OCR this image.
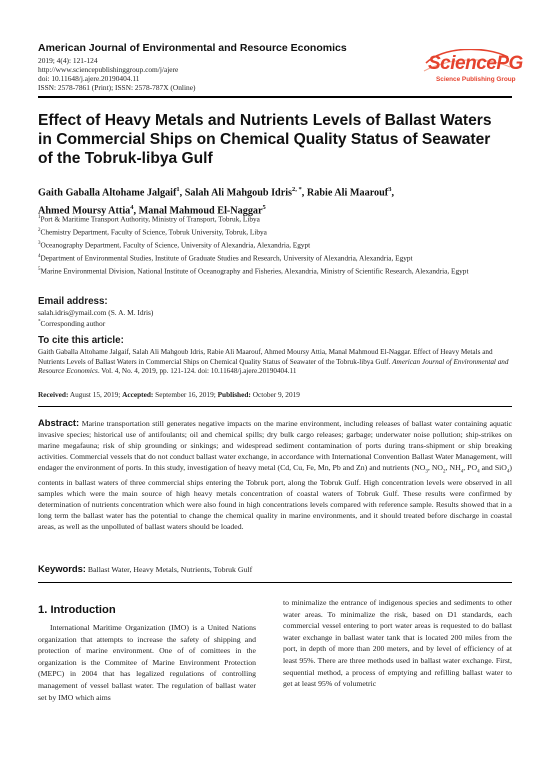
American Journal of Environmental and Resource Economics
2019; 4(4): 121-124
http://www.sciencepublishinggroup.com/j/ajere
doi: 10.11648/j.ajere.20190404.11
ISSN: 2578-7861 (Print); ISSN: 2578-787X (Online)
SciencePG
Science Publishing Group
Effect of Heavy Metals and Nutrients Levels of Ballast Waters in Commercial Ships on Chemical Quality Status of Seawater of the Tobruk-libya Gulf
Gaith Gaballa Altohame Jalgaif$^1$, Salah Ali Mahgoub Idris$^{2, *}$, Rabie Ali Maarouf$^3$,
Ahmed Moursy Attia$^4$, Manal Mahmoud El-Naggar$^5$
$^1$Port & Maritime Transport Authority, Ministry of Transport, Tobruk, Libya
$^2$Chemistry Department, Faculty of Science, Tobruk University, Tobruk, Libya
$^3$Oceanography Department, Faculty of Science, University of Alexandria, Alexandria, Egypt
$^4$Department of Environmental Studies, Institute of Graduate Studies and Research, University of Alexandria, Alexandria, Egypt
$^5$Marine Environmental Division, National Institute of Oceanography and Fisheries, Alexandria, Ministry of Scientific Research, Alexandria, Egypt
Email address:
salah.idris@ymail.com (S. A. M. Idris)
*Corresponding author
To cite this article:
Gaith Gaballa Altohame Jalgaif, Salah Ali Mahgoub Idris, Rabie Ali Maarouf, Ahmed Moursy Attia, Manal Mahmoud El-Naggar. Effect of Heavy Metals and Nutrients Levels of Ballast Waters in Commercial Ships on Chemical Quality Status of Seawater of the Tobruk-libya Gulf. American Journal of Environmental and Resource Economics. Vol. 4, No. 4, 2019, pp. 121-124. doi: 10.11648/j.ajere.20190404.11
Received: August 15, 2019; Accepted: September 16, 2019; Published: October 9, 2019
Abstract: Marine transportation still generates negative impacts on the marine environment, including releases of ballast water containing aquatic invasive species; historical use of antifoulants; oil and chemical spills; dry bulk cargo releases; garbage; underwater noise pollution; ship-strikes on marine megafauna; risk of ship grounding or sinkings; and widespread sediment contamination of ports during trans-shipment or ship breaking activities. Commercial vessels that do not conduct ballast water exchange, in accordance with International Convention Ballast Water Management, will endager the environment of ports. In this study, investigation of heavy metal (Cd, Cu, Fe, Mn, Pb and Zn) and nutrients ($NO_3$, $NO_2$, $NH_4$, $PO_4$ and SiO$_4$) contents in ballast waters of three commercial ships entering the Tobruk port, along the Tobruk Gulf. High concentration levels were observed in all samples which were the main source of high heavy metals concentration of coastal waters of Tobruk Gulf. These results were confirmed by determination of nutrients concentration which were also found in high concentrations levels compared with reference sample. Results showed that in a long term the ballast water has the potential to change the chemical quality in marine environments, and it should treated before discharge in coastal areas, as well as the unpolluted of ballast waters should be loaded.
Keywords: Ballast Water, Heavy Metals, Nutrients, Tobruk Gulf
1. Introduction
International Maritime Organization (IMO) is a United Nations organization that attempts to increase the safety of shipping and protection of marine environment. One of of comittees in the organization is the Commitee of Marine Environment Protection (MEPC) in 2004 that has legalized regulations of controlling management of vessel ballast water. The regulation of ballast water set by IMO which aims
to minimalize the entrance of indigenous species and sediments to other water areas. To minimalize the risk, based on D1 standards, each commercial vessel entering to port water areas is requested to do ballast water exchange in ballast water tank that is located 200 miles from the port, in depth of more than 200 meters, and by level of efficiency of at least 95%. There are three methods used in ballast water exchange. First, sequential method, a process of emptying and refilling ballast water to get at least 95% of volumetric
